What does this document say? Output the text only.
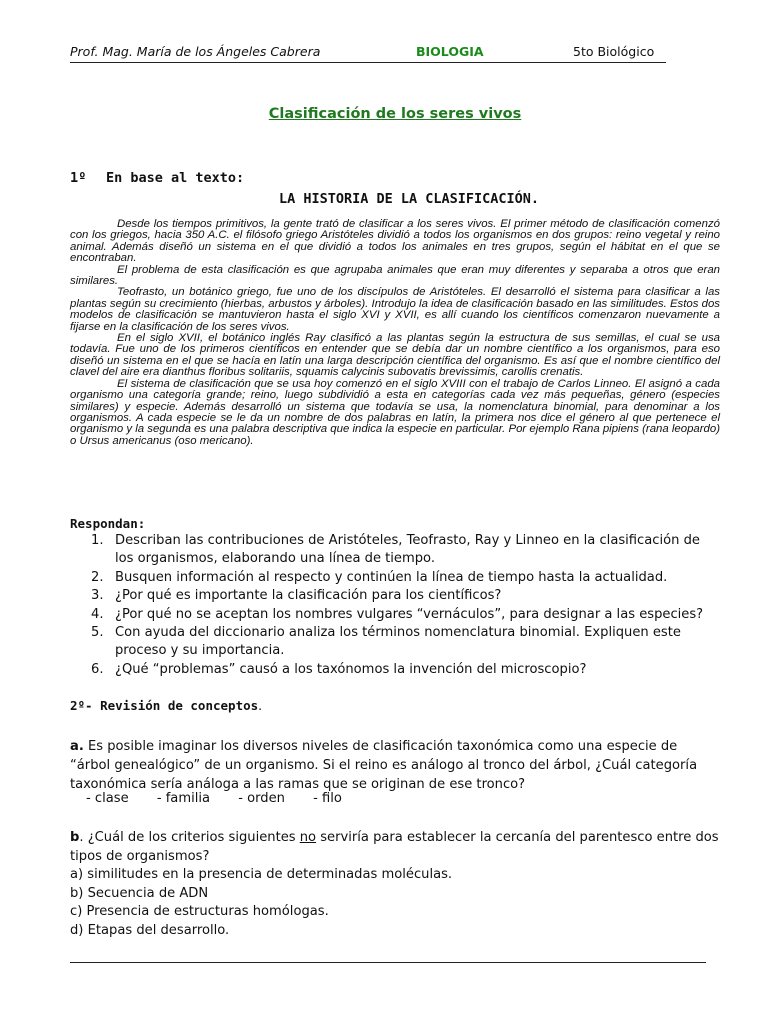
Prof. Mag. María de los Ángeles Cabrera	BIOLOGIA	5to Biológico
Clasificación de los seres vivos
1º En base al texto:
LA HISTORIA DE LA CLASIFICACIÓN.

Desde los tiempos primitivos, la gente trató de clasificar a los seres vivos. El primer método de clasificación comenzó con los griegos, hacia 350 A.C. el filósofo griego Aristóteles dividió a todos los organismos en dos grupos: reino vegetal y reino animal. Además diseñó un sistema en el que dividió a todos los animales en tres grupos, según el hábitat en el que se encontraban.

El problema de esta clasificación es que agrupaba animales que eran muy diferentes y separaba a otros que eran similares.

Teofrasto, un botánico griego, fue uno de los discípulos de Aristóteles. El desarrolló el sistema para clasificar a las plantas según su crecimiento (hierbas, arbustos y árboles). Introdujo la idea de clasificación basado en las similitudes. Estos dos modelos de clasificación se mantuvieron hasta el siglo XVI y XVII, es allí cuando los científicos comenzaron nuevamente a fijarse en la clasificación de los seres vivos.

En el siglo XVII, el botánico inglés Ray clasificó a las plantas según la estructura de sus semillas, el cual se usa todavía. Fue uno de los primeros científicos en entender que se debía dar un nombre científico a los organismos, para eso diseñó un sistema en el que se hacía en latín una larga descripción científica del organismo. Es así que el nombre científico del clavel del aire era dianthus floribus solitariis, squamis calycinis subovatis brevissimis, carollis crenatis.

El sistema de clasificación que se usa hoy comenzó en el siglo XVIII con el trabajo de Carlos Linneo. El asignó a cada organismo una categoría grande; reino, luego subdividió a esta en categorías cada vez más pequeñas, género (especies similares) y especie. Además desarrolló un sistema que todavía se usa, la nomenclatura binomial, para denominar a los organismos. A cada especie se le da un nombre de dos palabras en latín, la primera nos dice el género al que pertenece el organismo y la segunda es una palabra descriptiva que indica la especie en particular. Por ejemplo Rana pipiens (rana leopardo) o Ursus americanus (oso mericano).

Respondan:
1. Describan las contribuciones de Aristóteles, Teofrasto, Ray y Linneo en la clasificación de los organismos, elaborando una línea de tiempo.
2. Busquen información al respecto y continúen la línea de tiempo hasta la actualidad.
3. ¿Por qué es importante la clasificación para los científicos?
4. ¿Por qué no se aceptan los nombres vulgares “vernáculos”, para designar a las especies?
5. Con ayuda del diccionario analiza los términos nomenclatura binomial. Expliquen este proceso y su importancia.
6. ¿Qué “problemas” causó a los taxónomos la invención del microscopio?
2º- Revisión de conceptos.
a. Es posible imaginar los diversos niveles de clasificación taxonómica como una especie de “árbol genealógico” de un organismo. Si el reino es análogo al tronco del árbol, ¿Cuál categoría taxonómica sería análoga a las ramas que se originan de ese tronco?
- clase - familia - orden - filo
b. ¿Cuál de los criterios siguientes no serviría para establecer la cercanía del parentesco entre dos tipos de organismos?
a) similitudes en la presencia de determinadas moléculas.
b) Secuencia de ADN
c) Presencia de estructuras homólogas.
d) Etapas del desarrollo.
